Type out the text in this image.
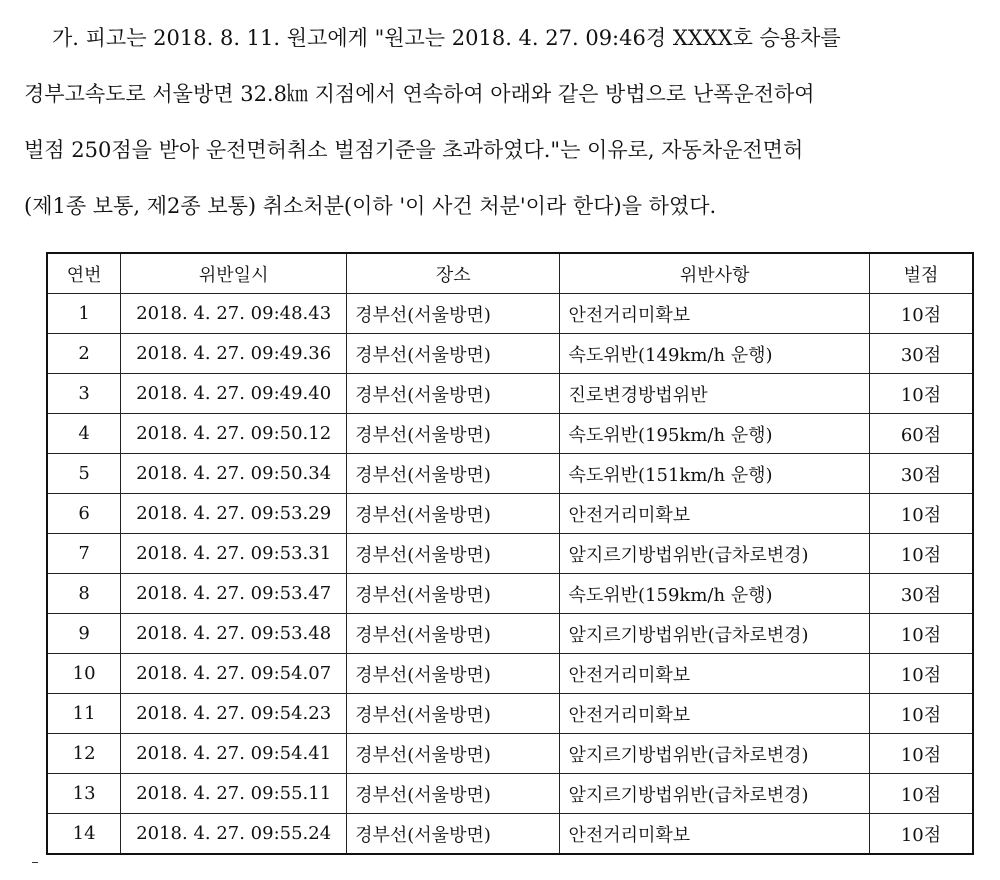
가. 피고는 2018. 8. 11. 원고에게 "원고는 2018. 4. 27. 09:46경 XXXX호 승용차를
경부고속도로 서울방면 32.8㎞ 지점에서 연속하여 아래와 같은 방법으로 난폭운전하여
벌점 250점을 받아 운전면허취소 벌점기준을 초과하였다."는 이유로, 자동차운전면허
(제1종 보통, 제2종 보통) 취소처분(이하 '이 사건 처분'이라 한다)을 하였다.
연번	위반일시	장소	위반사항	벌점
1	2018. 4. 27. 09:48.43	경부선(서울방면)	안전거리미확보	10점
2	2018. 4. 27. 09:49.36	경부선(서울방면)	속도위반(149km/h 운행)	30점
3	2018. 4. 27. 09:49.40	경부선(서울방면)	진로변경방법위반	10점
4	2018. 4. 27. 09:50.12	경부선(서울방면)	속도위반(195km/h 운행)	60점
5	2018. 4. 27. 09:50.34	경부선(서울방면)	속도위반(151km/h 운행)	30점
6	2018. 4. 27. 09:53.29	경부선(서울방면)	안전거리미확보	10점
7	2018. 4. 27. 09:53.31	경부선(서울방면)	앞지르기방법위반(급차로변경)	10점
8	2018. 4. 27. 09:53.47	경부선(서울방면)	속도위반(159km/h 운행)	30점
9	2018. 4. 27. 09:53.48	경부선(서울방면)	앞지르기방법위반(급차로변경)	10점
10	2018. 4. 27. 09:54.07	경부선(서울방면)	안전거리미확보	10점
11	2018. 4. 27. 09:54.23	경부선(서울방면)	안전거리미확보	10점
12	2018. 4. 27. 09:54.41	경부선(서울방면)	앞지르기방법위반(급차로변경)	10점
13	2018. 4. 27. 09:55.11	경부선(서울방면)	앞지르기방법위반(급차로변경)	10점
14	2018. 4. 27. 09:55.24	경부선(서울방면)	안전거리미확보	10점
